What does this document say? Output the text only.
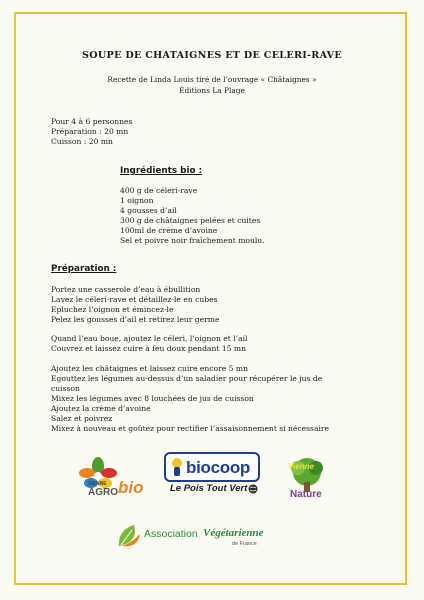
SOUPE DE CHATAIGNES ET DE CELERI-RAVE
Recette de Linda Louis tiré de l’ouvrage « Châtaignes »
Éditions La Plage
Pour 4 à 6 personnes
Préparation : 20 mn
Cuisson : 20 mn
Ingrédients bio :
400 g de céleri-rave
1 oignon
4 gousses d’ail
300 g de châtaignes pelées et cuites
100ml de crème d’avoine
Sel et poivre noir fraîchement moulu.
Préparation :
Portez une casserole d’eau à ébullition
Lavez le céleri-rave et détaillez-le en cubes
Epluchez l’oignon et émincez-le
Pelez les gousses d’ail et retirez leur germe
Quand l’eau boue, ajoutez le céleri, l’oignon et l’ail
Couvrez et laissez cuire à feu doux pendant 15 mn
Ajoutez les châtaignes et laissez cuire encore 5 mn
Egouttez les légumes au-dessus d’un saladier pour récupérer le jus de
cuisson
Mixez les légumes avec 8 louchées de jus de cuisson
Ajoutez la crème d’avoine
Salez et poivrez
Mixez à nouveau et goûtez pour rectifier l’assaisonnement si nécessaire
VIENNE
AGRO bio
biocoop
Le Pois Tout Vert
Vienne
Nature
Association Végétarienne
de France
